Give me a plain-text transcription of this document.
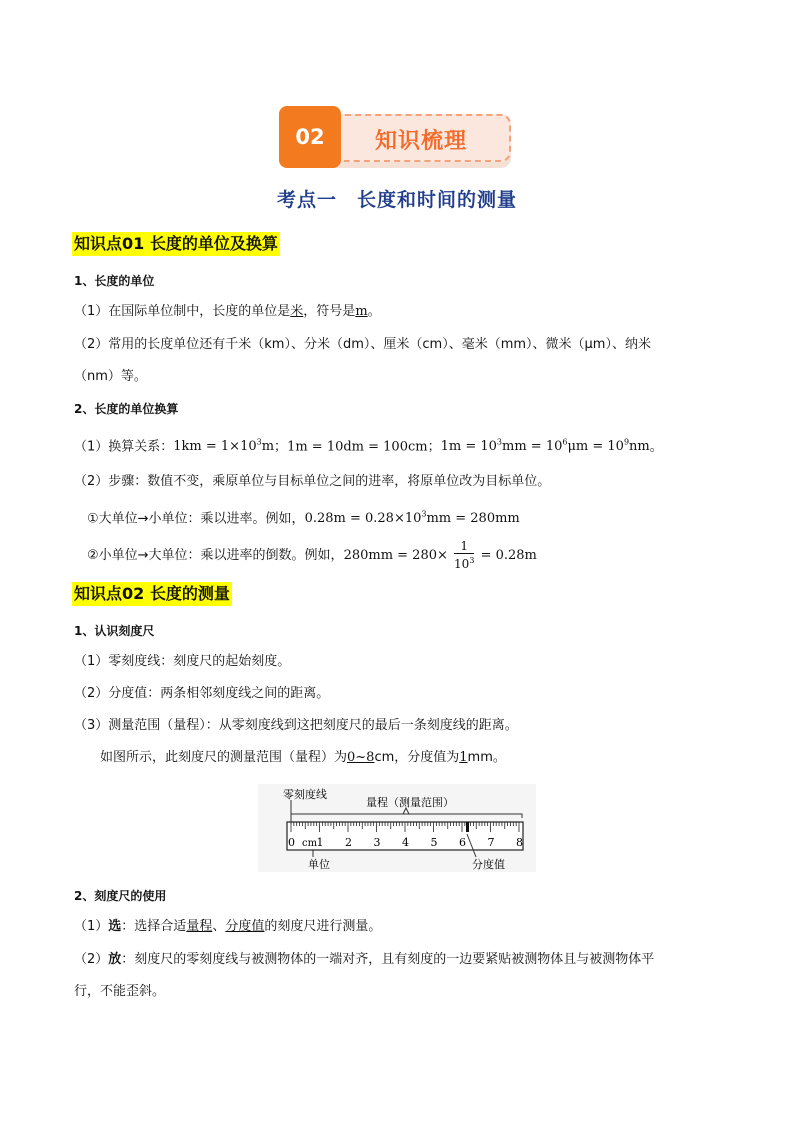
02	知识梳理
考点一　长度和时间的测量
知识点01 长度的单位及换算
1、长度的单位
（1）在国际单位制中，长度的单位是米，符号是m。
（2）常用的长度单位还有千米（km）、分米（dm）、厘米（cm）、毫米（mm）、微米（μm）、纳米
（nm）等。
2、长度的单位换算
（1）换算关系：$1km = 1\times 10^3m$；1m = 10dm = 100cm；$1m = 10^3mm = 10^6\mu m = 10^9nm$。
（2）步骤：数值不变，乘原单位与目标单位之间的进率，将原单位改为目标单位。
①大单位→小单位：乘以进率。例如，$0.28m = 0.28\times 10^3mm = 280mm$
②小单位→大单位：乘以进率的倒数。例如，$280mm = 280\times \frac{1}{10^3} = 0.28m$
知识点02 长度的测量
1、认识刻度尺
（1）零刻度线：刻度尺的起始刻度。
（2）分度值：两条相邻刻度线之间的距离。
（3）测量范围（量程）：从零刻度线到这把刻度尺的最后一条刻度线的距离。
如图所示，此刻度尺的测量范围（量程）为0~8cm，分度值为1mm。
零刻度线
量程（测量范围）
单位	分度值
cm
0 1 2 3 4 5 6 7 8
2、刻度尺的使用
（1）选：选择合适量程、分度值的刻度尺进行测量。
（2）放：刻度尺的零刻度线与被测物体的一端对齐，且有刻度的一边要紧贴被测物体且与被测物体平
行，不能歪斜。
